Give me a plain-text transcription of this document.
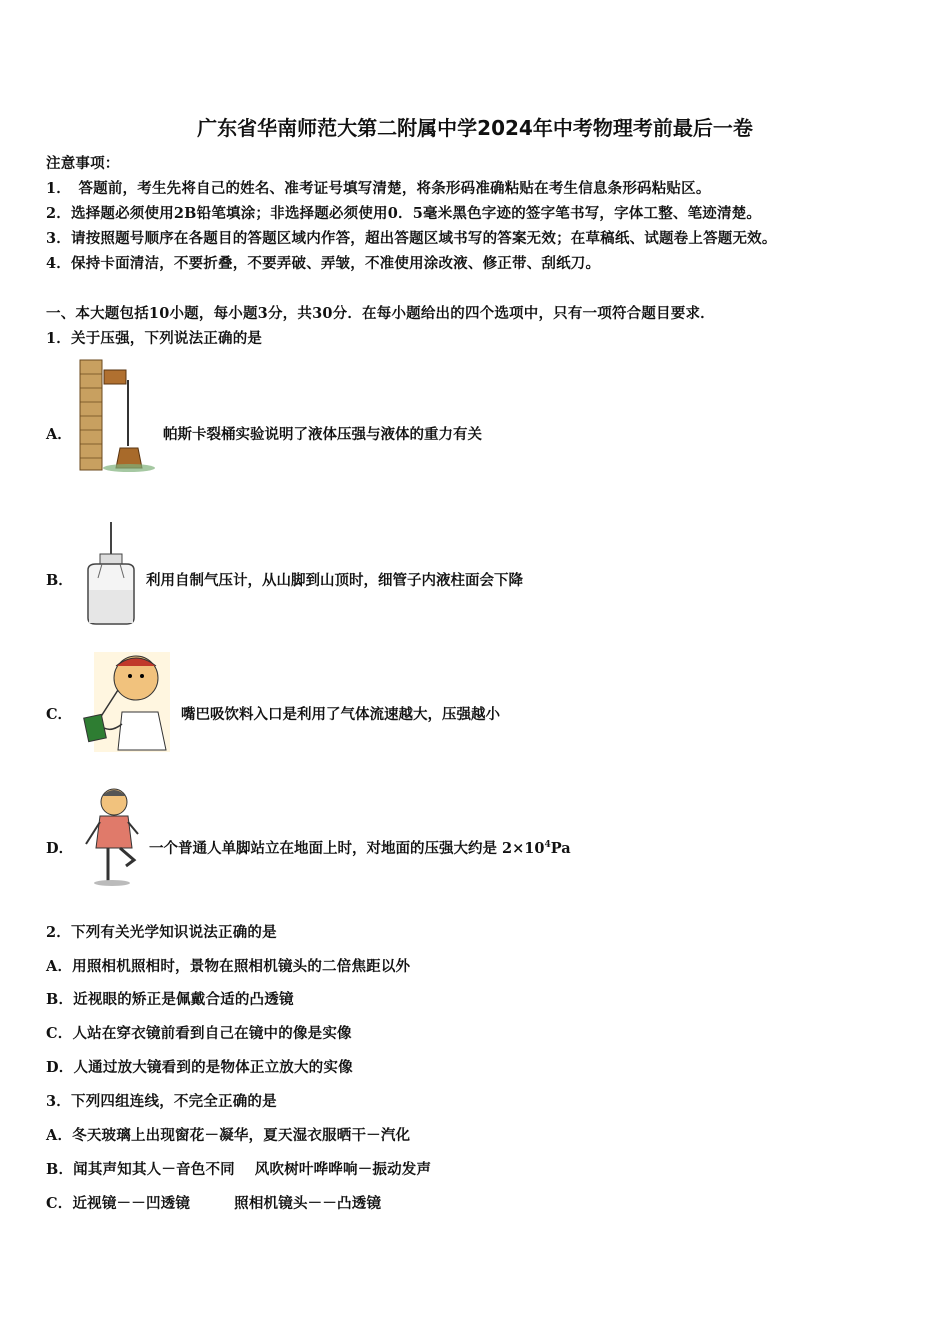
广东省华南师范大第二附属中学2024年中考物理考前最后一卷
注意事项：
1．　答题前，考生先将自己的姓名、准考证号填写清楚，将条形码准确粘贴在考生信息条形码粘贴区。
2．选择题必须使用2B铅笔填涂；非选择题必须使用0．5毫米黑色字迹的签字笔书写，字体工整、笔迹清楚。
3．请按照题号顺序在各题目的答题区域内作答，超出答题区域书写的答案无效；在草稿纸、试题卷上答题无效。
4．保持卡面清洁，不要折叠，不要弄破、弄皱，不准使用涂改液、修正带、刮纸刀。
一、本大题包括10小题，每小题3分，共30分．在每小题给出的四个选项中，只有一项符合题目要求．
1．关于压强，下列说法正确的是
A．	帕斯卡裂桶实验说明了液体压强与液体的重力有关
B．	利用自制气压计，从山脚到山顶时，细管子内液柱面会下降
C．	嘴巴吸饮料入口是利用了气体流速越大，压强越小
D．	一个普通人单脚站立在地面上时，对地面的压强大约是 $2\times 10^4Pa$
2．下列有关光学知识说法正确的是
A．用照相机照相时，景物在照相机镜头的二倍焦距以外
B．近视眼的矫正是佩戴合适的凸透镜
C．人站在穿衣镜前看到自己在镜中的像是实像
D．人通过放大镜看到的是物体正立放大的实像
3．下列四组连线，不完全正确的是
A．冬天玻璃上出现窗花－凝华，夏天湿衣服晒干－汽化
B．闻其声知其人－音色不同　 风吹树叶哗哗响－振动发声
C．近视镜－－凹透镜　　　照相机镜头－－凸透镜
